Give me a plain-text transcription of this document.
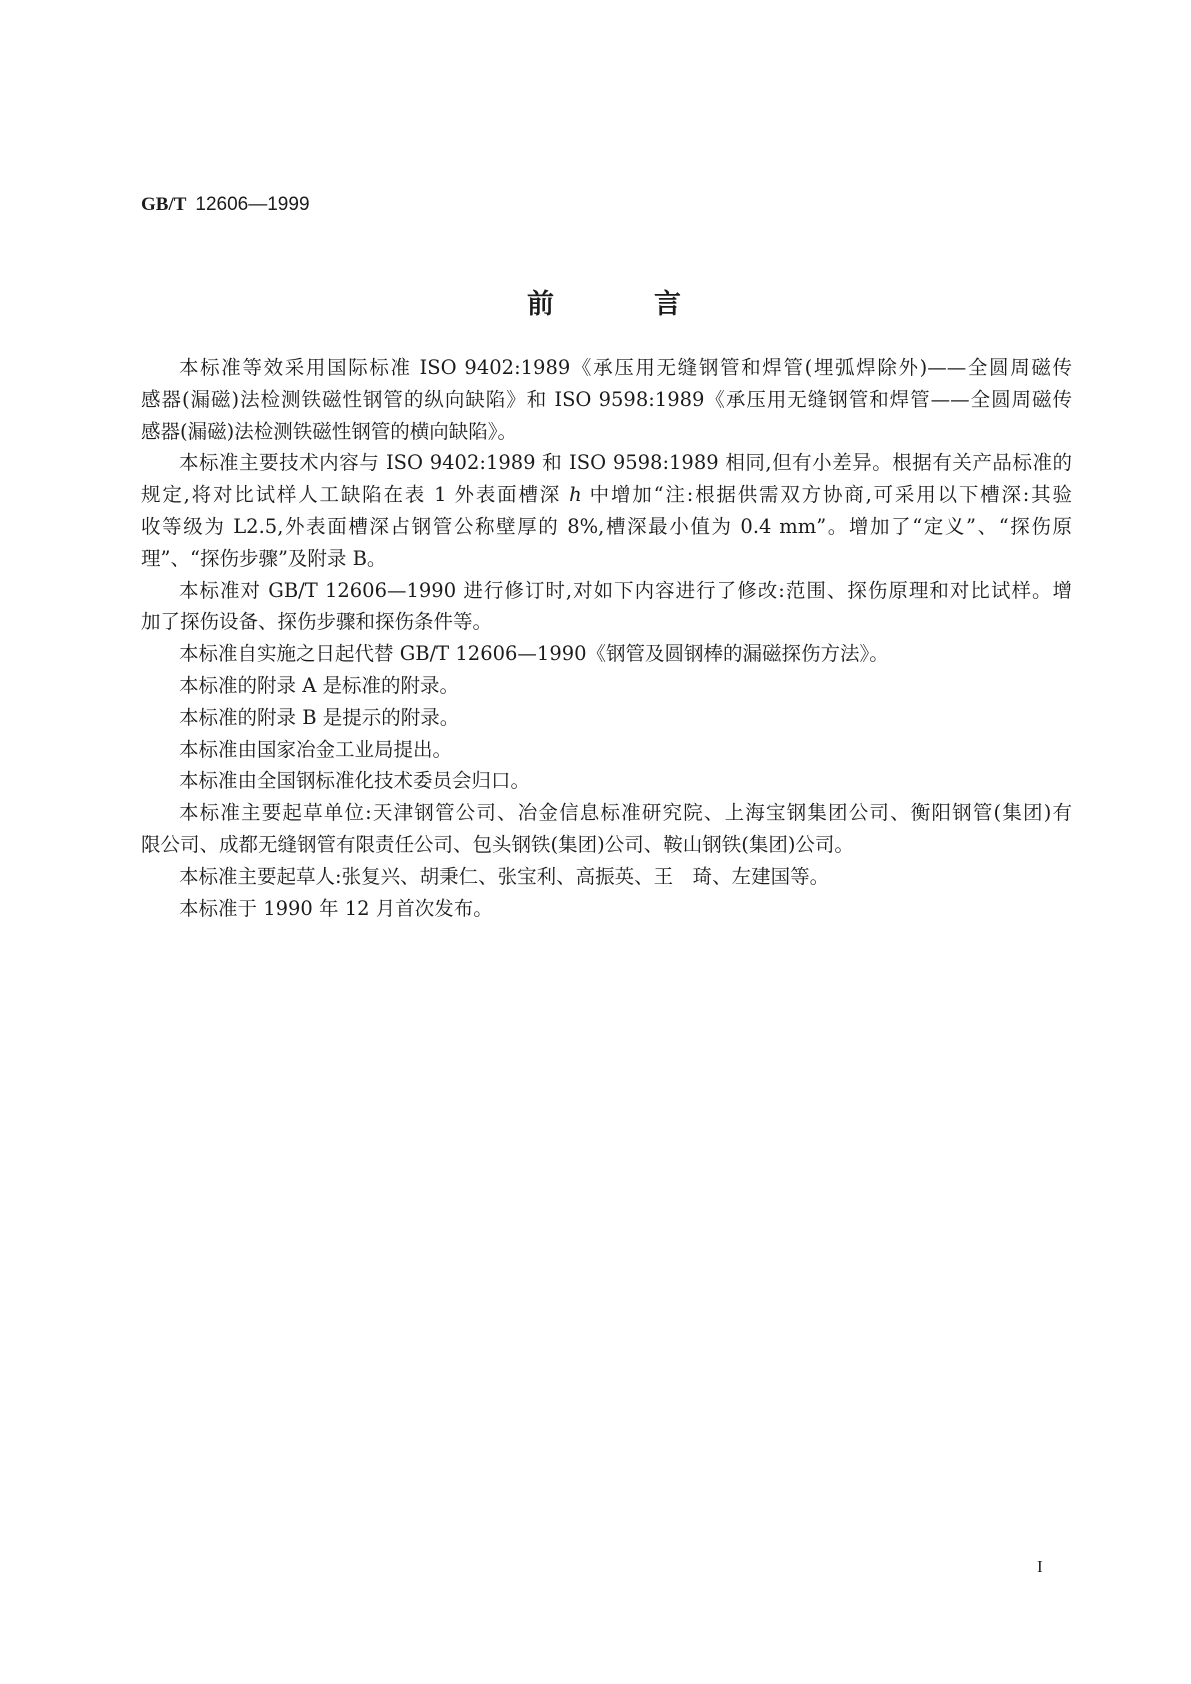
GB/T 12606—1999
前	言
本标准等效采用国际标准 ISO 9402:1989《承压用无缝钢管和焊管(埋弧焊除外)——全圆周磁传
感器(漏磁)法检测铁磁性钢管的纵向缺陷》和 ISO 9598:1989《承压用无缝钢管和焊管——全圆周磁传
感器(漏磁)法检测铁磁性钢管的横向缺陷》。
本标准主要技术内容与 ISO 9402:1989 和 ISO 9598:1989 相同,但有小差异。根据有关产品标准的
规定,将对比试样人工缺陷在表 1 外表面槽深 h 中增加“注:根据供需双方协商,可采用以下槽深:其验
收等级为 L2.5,外表面槽深占钢管公称壁厚的 8%,槽深最小值为 0.4 mm”。增加了“定义”、“探伤原
理”、“探伤步骤”及附录 B。
本标准对 GB/T 12606—1990 进行修订时,对如下内容进行了修改:范围、探伤原理和对比试样。增
加了探伤设备、探伤步骤和探伤条件等。
本标准自实施之日起代替 GB/T 12606—1990《钢管及圆钢棒的漏磁探伤方法》。
本标准的附录 A 是标准的附录。
本标准的附录 B 是提示的附录。
本标准由国家冶金工业局提出。
本标准由全国钢标准化技术委员会归口。
本标准主要起草单位:天津钢管公司、冶金信息标准研究院、上海宝钢集团公司、衡阳钢管(集团)有
限公司、成都无缝钢管有限责任公司、包头钢铁(集团)公司、鞍山钢铁(集团)公司。
本标准主要起草人:张复兴、胡秉仁、张宝利、高振英、王　琦、左建国等。
本标准于 1990 年 12 月首次发布。
I
